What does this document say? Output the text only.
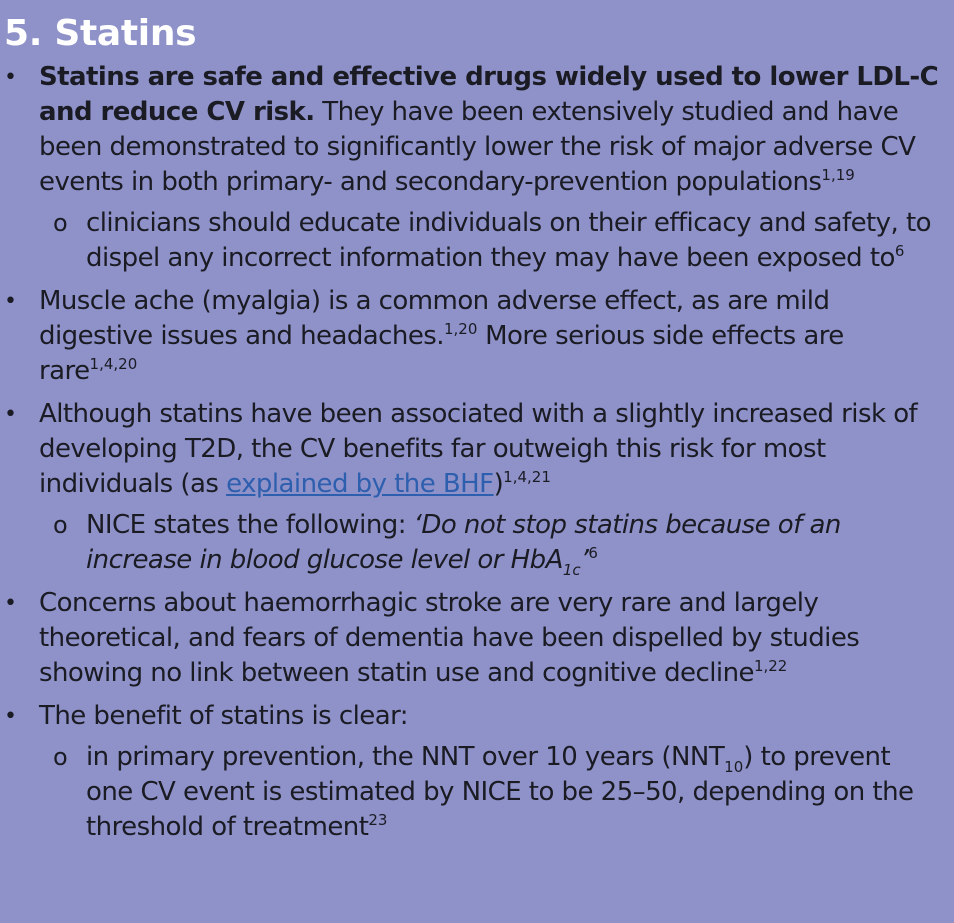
5. Statins
• Statins are safe and effective drugs widely used to lower LDL-C and reduce CV risk. They have been extensively studied and have been demonstrated to significantly lower the risk of major adverse CV events in both primary- and secondary-prevention populations$^{1,19}$
o clinicians should educate individuals on their efficacy and safety, to dispel any incorrect information they may have been exposed $to^6$
• Muscle ache (myalgia) is a common adverse effect, as are mild digestive issues and headaches.$^{1,20}$ More serious side effects are rare$^{1,4,20}$
• Although statins have been associated with a slightly increased risk of developing T2D, the CV benefits far outweigh this risk for most individuals (as explained by the BHF)$^{1,4,21}$
o NICE states the following: ‘Do not stop statins because of an increase in blood glucose level or HbA$_{1c}$’$^6$
• Concerns about haemorrhagic stroke are very rare and largely theoretical, and fears of dementia have been dispelled by studies showing no link between statin use and cognitive decline$^{1,22}$
• The benefit of statins is clear:
o in primary prevention, the NNT over 10 years $(NNT_{10})$ to prevent one CV event is estimated by NICE to be 25–50, depending on the threshold of treatment$^{23}$
